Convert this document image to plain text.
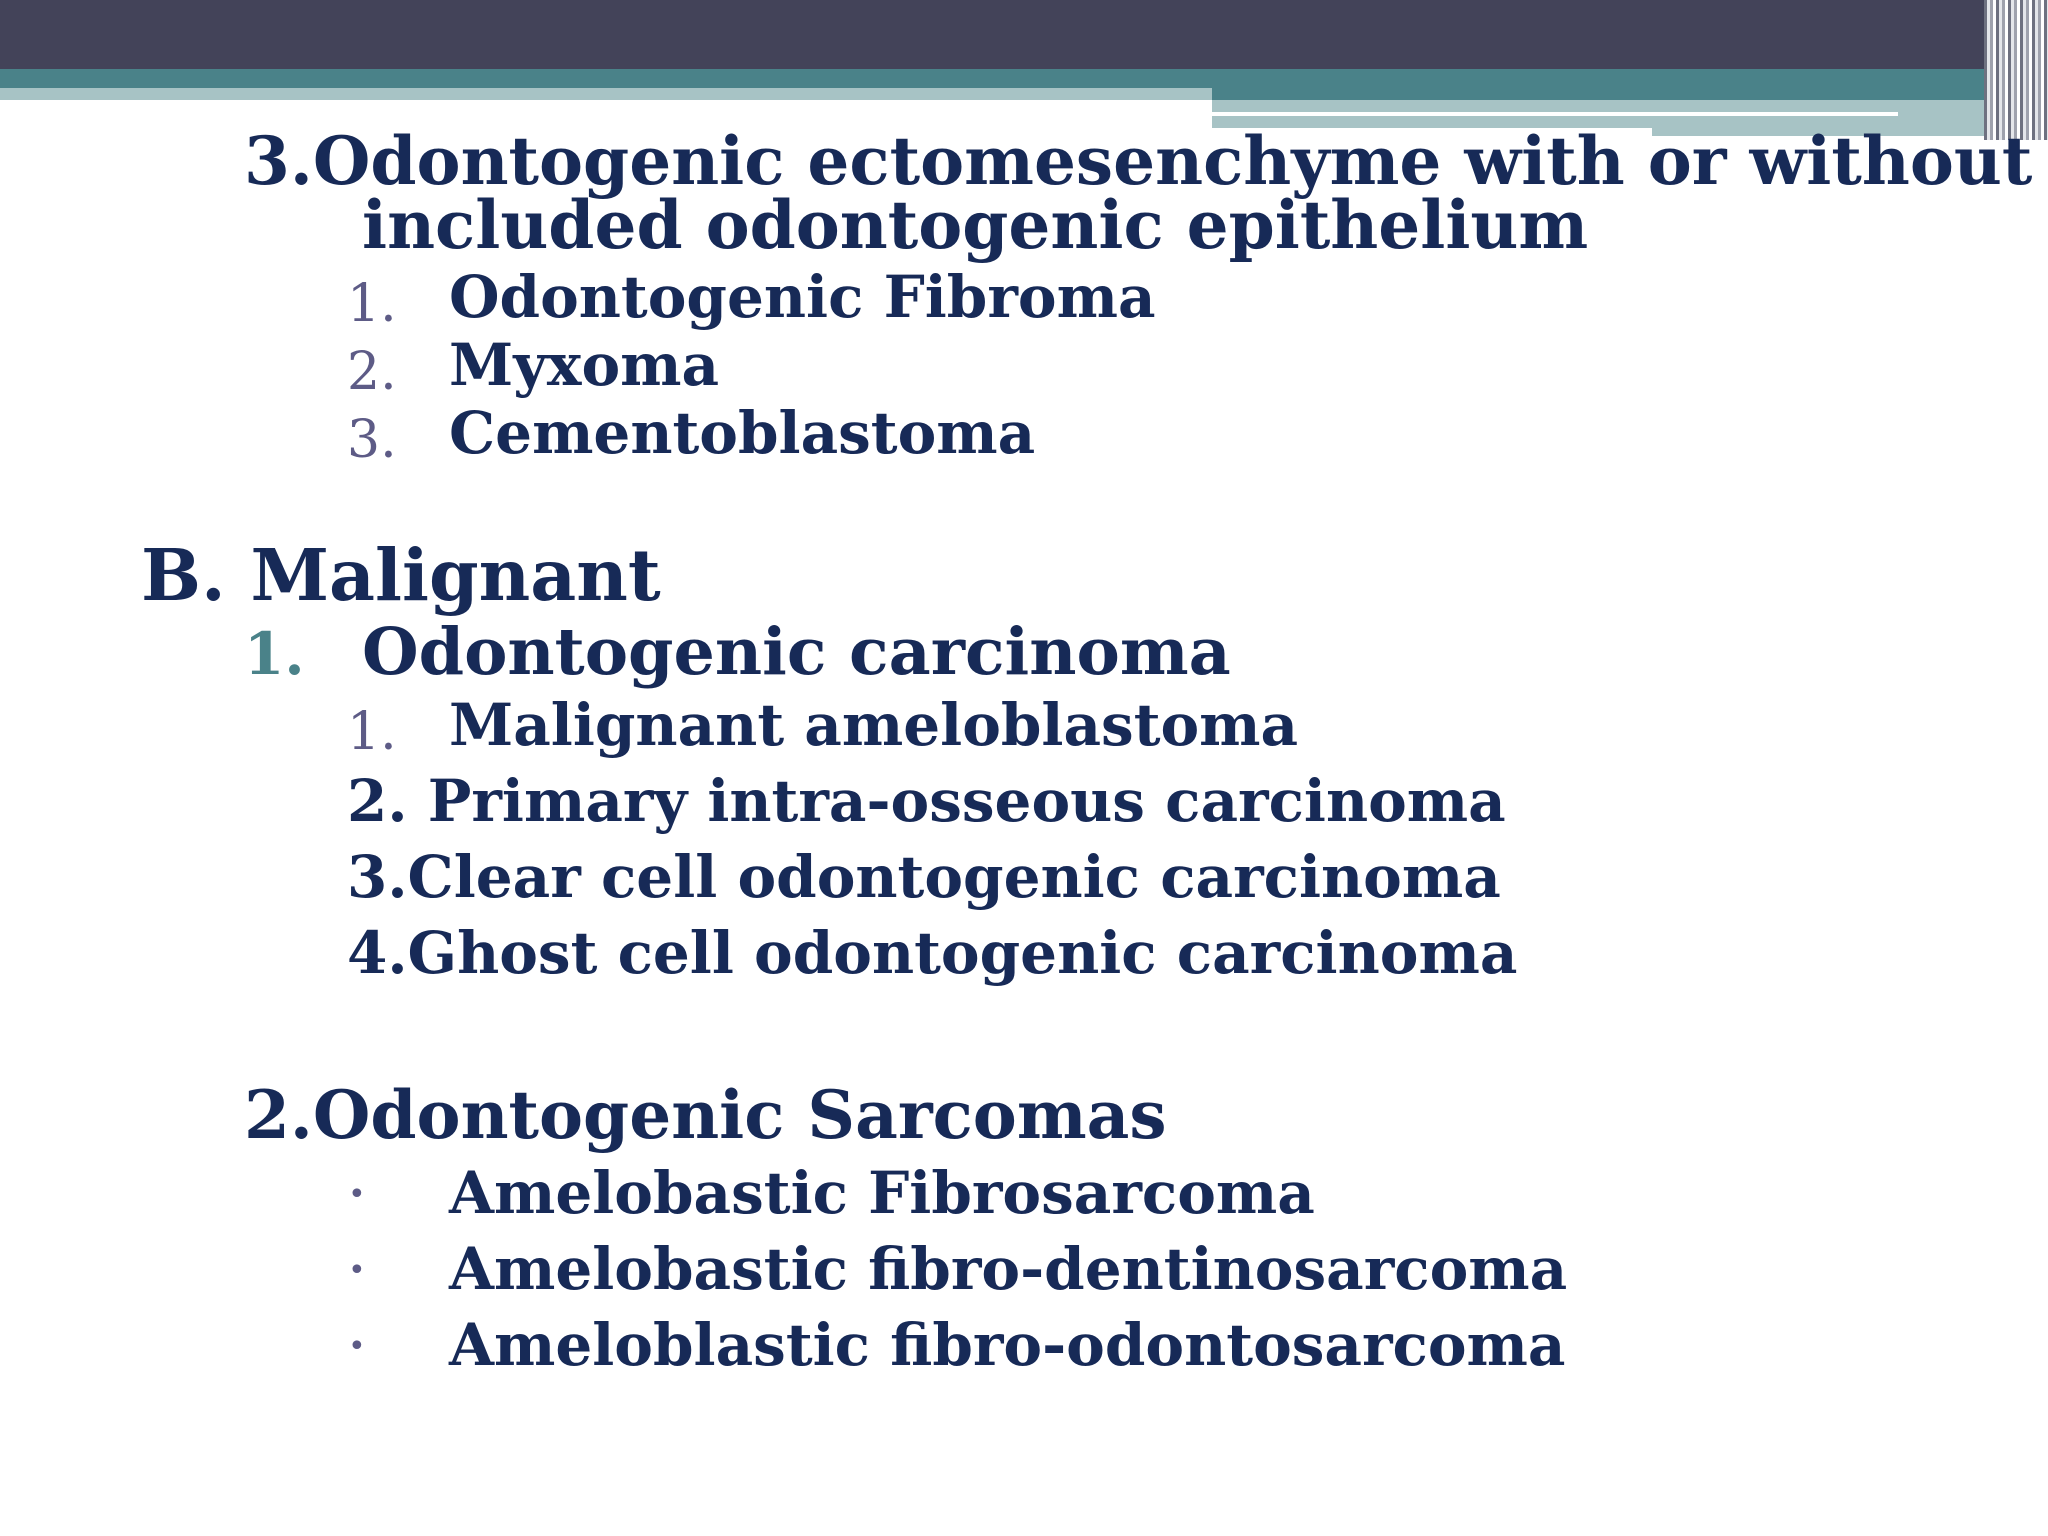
3.Odontogenic ectomesenchyme with or without

included odontogenic epithelium

1. Odontogenic Fibroma

2. Myxoma

3. Cementoblastoma

B. Malignant

1. Odontogenic carcinoma

1. Malignant ameloblastoma

2. Primary intra-osseous carcinoma

3.Clear cell odontogenic carcinoma

4.Ghost cell odontogenic carcinoma

2.Odontogenic Sarcomas

• Amelobastic Fibrosarcoma

• Amelobastic fibro-dentinosarcoma

• Ameloblastic fibro-odontosarcoma
